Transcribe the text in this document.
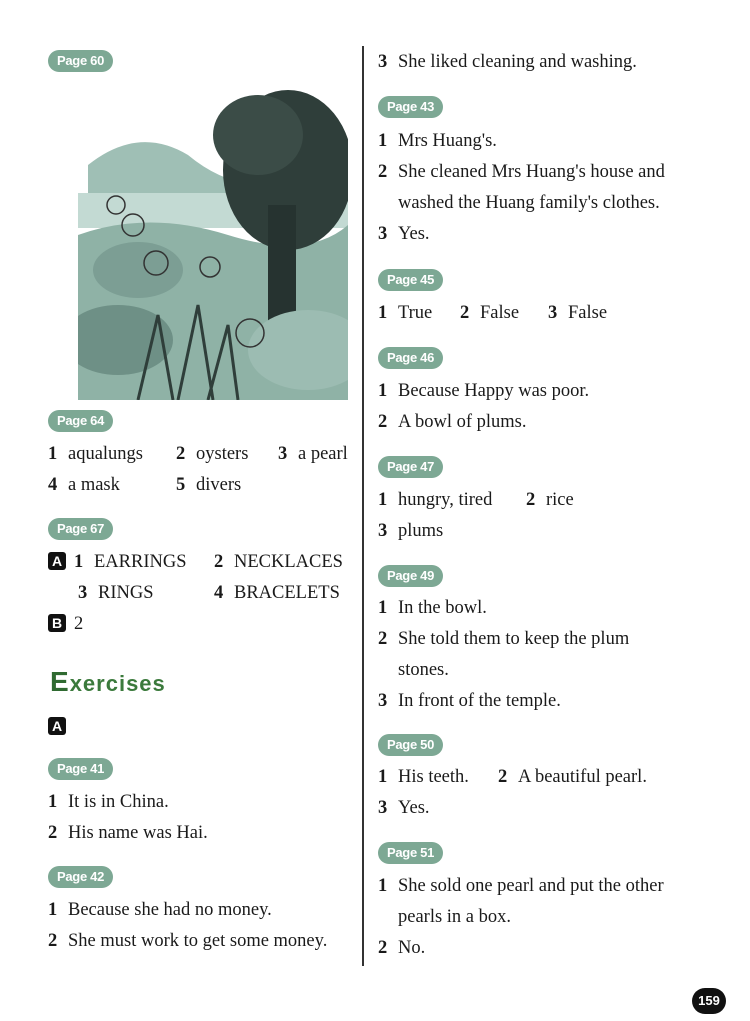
Page 60
Page 64
1 aqualungs 2 oysters 3 a pearl
4 a mask	5 divers
Page 67
A 1 EARRINGS 2 NECKLACES
3 RINGS	4 BRACELETS
B 2
Exercises
A
Page 41
1 It is in China.
2 His name was Hai.
Page 42
1 Because she had no money.
2 She must work to get some money.
3 She liked cleaning and washing.
Page 43
1 Mrs Huang's.
2 She cleaned Mrs Huang's house and
washed the Huang family's clothes.
3 Yes.
Page 45
1 True 2 False 3 False
Page 46
1 Because Happy was poor.
2 A bowl of plums.
Page 47
1 hungry, tired 2 rice
3 plums
Page 49
1 In the bowl.
2 She told them to keep the plum
stones.
3 In front of the temple.
Page 50
1 His teeth. 2 A beautiful pearl.
3 Yes.
Page 51
1 She sold one pearl and put the other
pearls in a box.
2 No.
159
